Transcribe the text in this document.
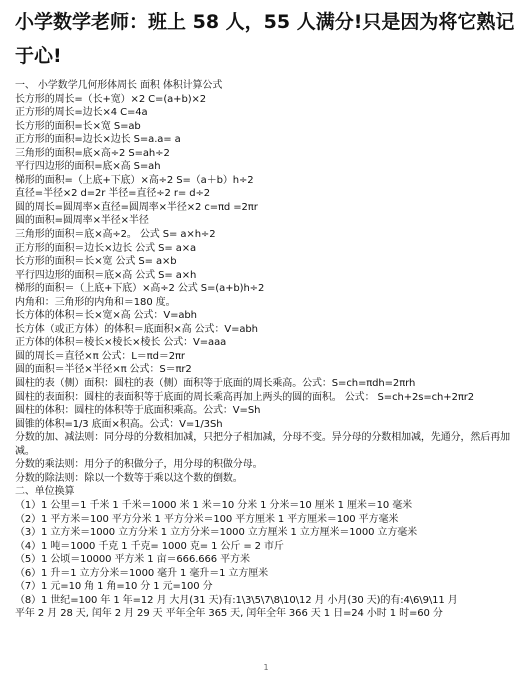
小学数学老师：班上 58 人，55 人满分!只是因为将它熟记于心!
一、 小学数学几何形体周长 面积 体积计算公式
长方形的周长=（长+宽）×2 C=(a+b)×2
正方形的周长=边长×4 C=4a
长方形的面积=长×宽 S=ab
正方形的面积=边长×边长 S=a.a= a
三角形的面积=底×高÷2 S=ah÷2
平行四边形的面积=底×高 S=ah
梯形的面积=（上底+下底）×高÷2 S=（a＋b）h÷2
直径=半径×2 d=2r 半径=直径÷2 r= d÷2
圆的周长=圆周率×直径=圆周率×半径×2 c=πd =2πr
圆的面积=圆周率×半径×半径
三角形的面积＝底×高÷2。 公式 S= a×h÷2
正方形的面积＝边长×边长 公式 S= a×a
长方形的面积＝长×宽 公式 S= a×b
平行四边形的面积＝底×高 公式 S= a×h
梯形的面积＝（上底+下底）×高÷2 公式 S=(a+b)h÷2
内角和：三角形的内角和＝180 度。
长方体的体积＝长×宽×高 公式：V=abh
长方体（或正方体）的体积＝底面积×高 公式：V=abh
正方体的体积＝棱长×棱长×棱长 公式：V=aaa
圆的周长＝直径×π 公式：L＝πd＝2πr
圆的面积＝半径×半径×π 公式：S＝πr2
圆柱的表（侧）面积：圆柱的表（侧）面积等于底面的周长乘高。公式：S=ch=πdh=2πrh
圆柱的表面积：圆柱的表面积等于底面的周长乘高再加上两头的圆的面积。 公式： S=ch+2s=ch+2πr2
圆柱的体积：圆柱的体积等于底面积乘高。公式：V=Sh
圆锥的体积=1/3 底面×积高。公式：V=1/3Sh
分数的加、减法则：同分母的分数相加减，只把分子相加减，分母不变。异分母的分数相加减，先通分，然后再加减。
分数的乘法则：用分子的积做分子，用分母的积做分母。
分数的除法则：除以一个数等于乘以这个数的倒数。
二、单位换算
（1）1 公里＝1 千米 1 千米＝1000 米 1 米＝10 分米 1 分米＝10 厘米 1 厘米＝10 毫米
（2）1 平方米＝100 平方分米 1 平方分米＝100 平方厘米 1 平方厘米＝100 平方毫米
（3）1 立方米＝1000 立方分米 1 立方分米＝1000 立方厘米 1 立方厘米＝1000 立方毫米
（4）1 吨＝1000 千克 1 千克= 1000 克= 1 公斤 = 2 市斤
（5）1 公顷＝10000 平方米 1 亩＝666.666 平方米
（6）1 升＝1 立方分米＝1000 毫升 1 毫升＝1 立方厘米
（7）1 元=10 角 1 角=10 分 1 元=100 分
（8）1 世纪=100 年 1 年=12 月 大月(31 天)有:1\3\5\7\8\10\12 月 小月(30 天)的有:4\6\9\11 月
平年 2 月 28 天, 闰年 2 月 29 天 平年全年 365 天, 闰年全年 366 天 1 日=24 小时 1 时=60 分
1
